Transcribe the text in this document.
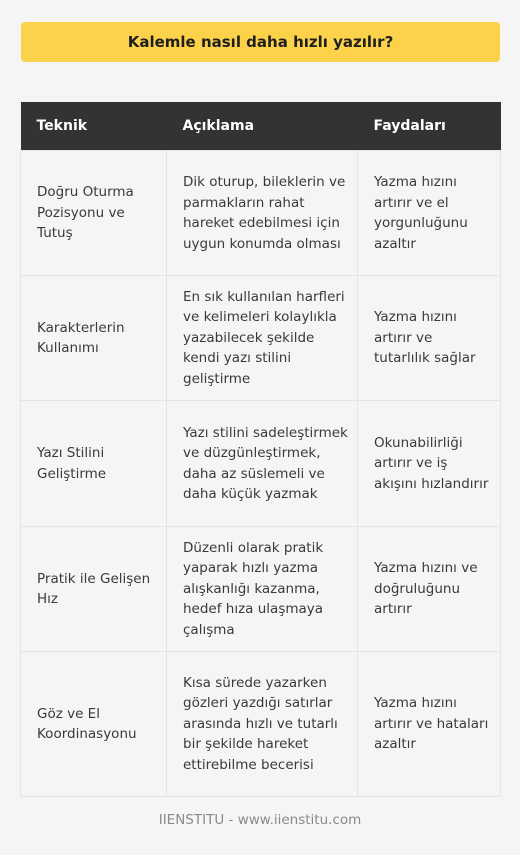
Kalemle nasıl daha hızlı yazılır?
Teknik	Açıklama	Faydaları
Doğru Oturma Pozisyonu ve Tutuş	Dik oturup, bileklerin ve parmakların rahat hareket edebilmesi için uygun konumda olması	Yazma hızını artırır ve el yorgunluğunu azaltır
Karakterlerin Kullanımı	En sık kullanılan harfleri ve kelimeleri kolaylıkla yazabilecek şekilde kendi yazı stilini geliştirme	Yazma hızını artırır ve tutarlılık sağlar
Yazı Stilini Geliştirme	Yazı stilini sadeleştirmek ve düzgünleştirmek, daha az süslemeli ve daha küçük yazmak	Okunabilirliği artırır ve iş akışını hızlandırır
Pratik ile Gelişen Hız	Düzenli olarak pratik yaparak hızlı yazma alışkanlığı kazanma, hedef hıza ulaşmaya çalışma	Yazma hızını ve doğruluğunu artırır
Göz ve El Koordinasyonu	Kısa sürede yazarken gözleri yazdığı satırlar arasında hızlı ve tutarlı bir şekilde hareket ettirebilme becerisi	Yazma hızını artırır ve hataları azaltır
IIENSTITU - www.iienstitu.com
